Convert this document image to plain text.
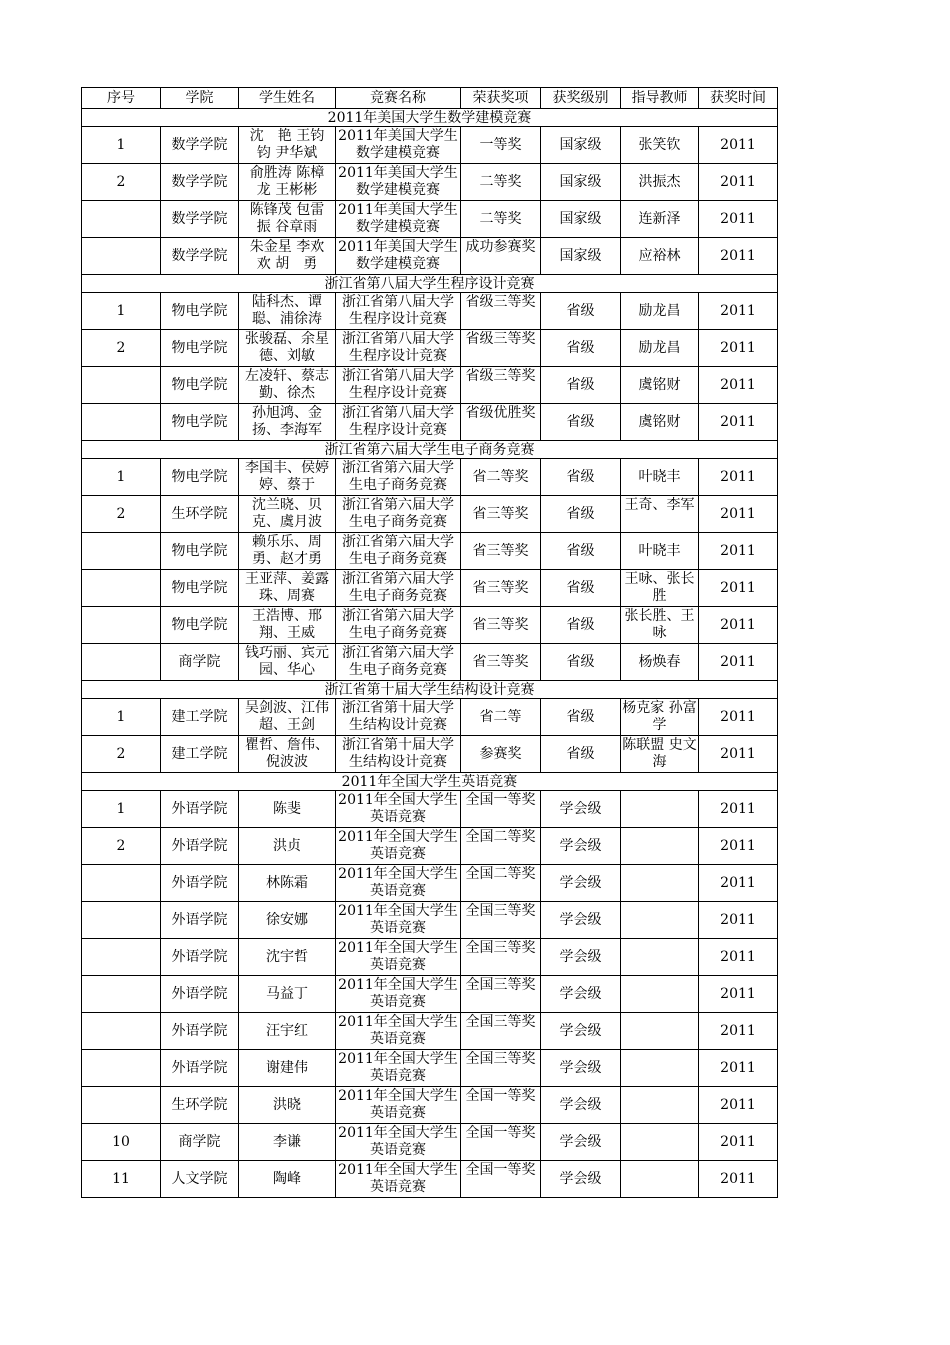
序号	学院	学生姓名	竞赛名称	荣获奖项	获奖级别	指导教师	获奖时间
2011年美国大学生数学建模竞赛							

1	数学学院	沈　艳 王钧钧 尹华斌	2011年美国大学生数学建模竞赛	一等奖	国家级	张笑钦	2011

2	数学学院	俞胜涛 陈樟龙 王彬彬	2011年美国大学生数学建模竞赛	二等奖	国家级	洪振杰	2011

	数学学院	陈锋茂 包雷振 谷章雨	2011年美国大学生数学建模竞赛	二等奖	国家级	连新泽	2011

	数学学院	朱金星 李欢欢 胡　勇	2011年美国大学生数学建模竞赛	成功参赛奖	国家级	应裕林	2011

浙江省第八届大学生程序设计竞赛							

1	物电学院	陆科杰、谭聪、浦徐涛	浙江省第八届大学生程序设计竞赛	省级三等奖	省级	励龙昌	2011

2	物电学院	张骏磊、余星德、刘敏	浙江省第八届大学生程序设计竞赛	省级三等奖	省级	励龙昌	2011

	物电学院	左凌轩、蔡志勤、徐杰	浙江省第八届大学生程序设计竞赛	省级三等奖	省级	虞铭财	2011

	物电学院	孙旭鸿、金扬、李海军	浙江省第八届大学生程序设计竞赛	省级优胜奖	省级	虞铭财	2011

浙江省第六届大学生电子商务竞赛							

1	物电学院	李国丰、侯婷婷、蔡于	浙江省第六届大学生电子商务竞赛	省二等奖	省级	叶晓丰	2011

2	生环学院	沈兰晓、贝克、虞月波	浙江省第六届大学生电子商务竞赛	省三等奖	省级	王奇、李军	2011

	物电学院	赖乐乐、周勇、赵才勇	浙江省第六届大学生电子商务竞赛	省三等奖	省级	叶晓丰	2011

	物电学院	王亚萍、姜露珠、周赛	浙江省第六届大学生电子商务竞赛	省三等奖	省级	王咏、张长胜	2011

	物电学院	王浩博、邢翔、王威	浙江省第六届大学生电子商务竞赛	省三等奖	省级	张长胜、王咏	2011

	商学院	钱巧丽、宾元园、华心	浙江省第六届大学生电子商务竞赛	省三等奖	省级	杨焕春	2011

浙江省第十届大学生结构设计竞赛							

1	建工学院	吴剑波、江伟超、王剑	浙江省第十届大学生结构设计竞赛	省二等	省级	杨克家 孙富学	2011

2	建工学院	瞿哲、詹伟、倪波波	浙江省第十届大学生结构设计竞赛	参赛奖	省级	陈联盟 史文海	2011

2011年全国大学生英语竞赛							

1	外语学院	陈斐	2011年全国大学生英语竞赛	全国一等奖	学会级		2011

2	外语学院	洪贞	2011年全国大学生英语竞赛	全国二等奖	学会级		2011

	外语学院	林陈霜	2011年全国大学生英语竞赛	全国二等奖	学会级		2011

	外语学院	徐安娜	2011年全国大学生英语竞赛	全国三等奖	学会级		2011

	外语学院	沈宇哲	2011年全国大学生英语竞赛	全国三等奖	学会级		2011

	外语学院	马益丁	2011年全国大学生英语竞赛	全国三等奖	学会级		2011

	外语学院	汪宇红	2011年全国大学生英语竞赛	全国三等奖	学会级		2011

	外语学院	谢建伟	2011年全国大学生英语竞赛	全国三等奖	学会级		2011

	生环学院	洪晓	2011年全国大学生英语竞赛	全国一等奖	学会级		2011

10	商学院	李谦	2011年全国大学生英语竞赛	全国一等奖	学会级		2011

11	人文学院	陶峰	2011年全国大学生英语竞赛	全国一等奖	学会级		2011
